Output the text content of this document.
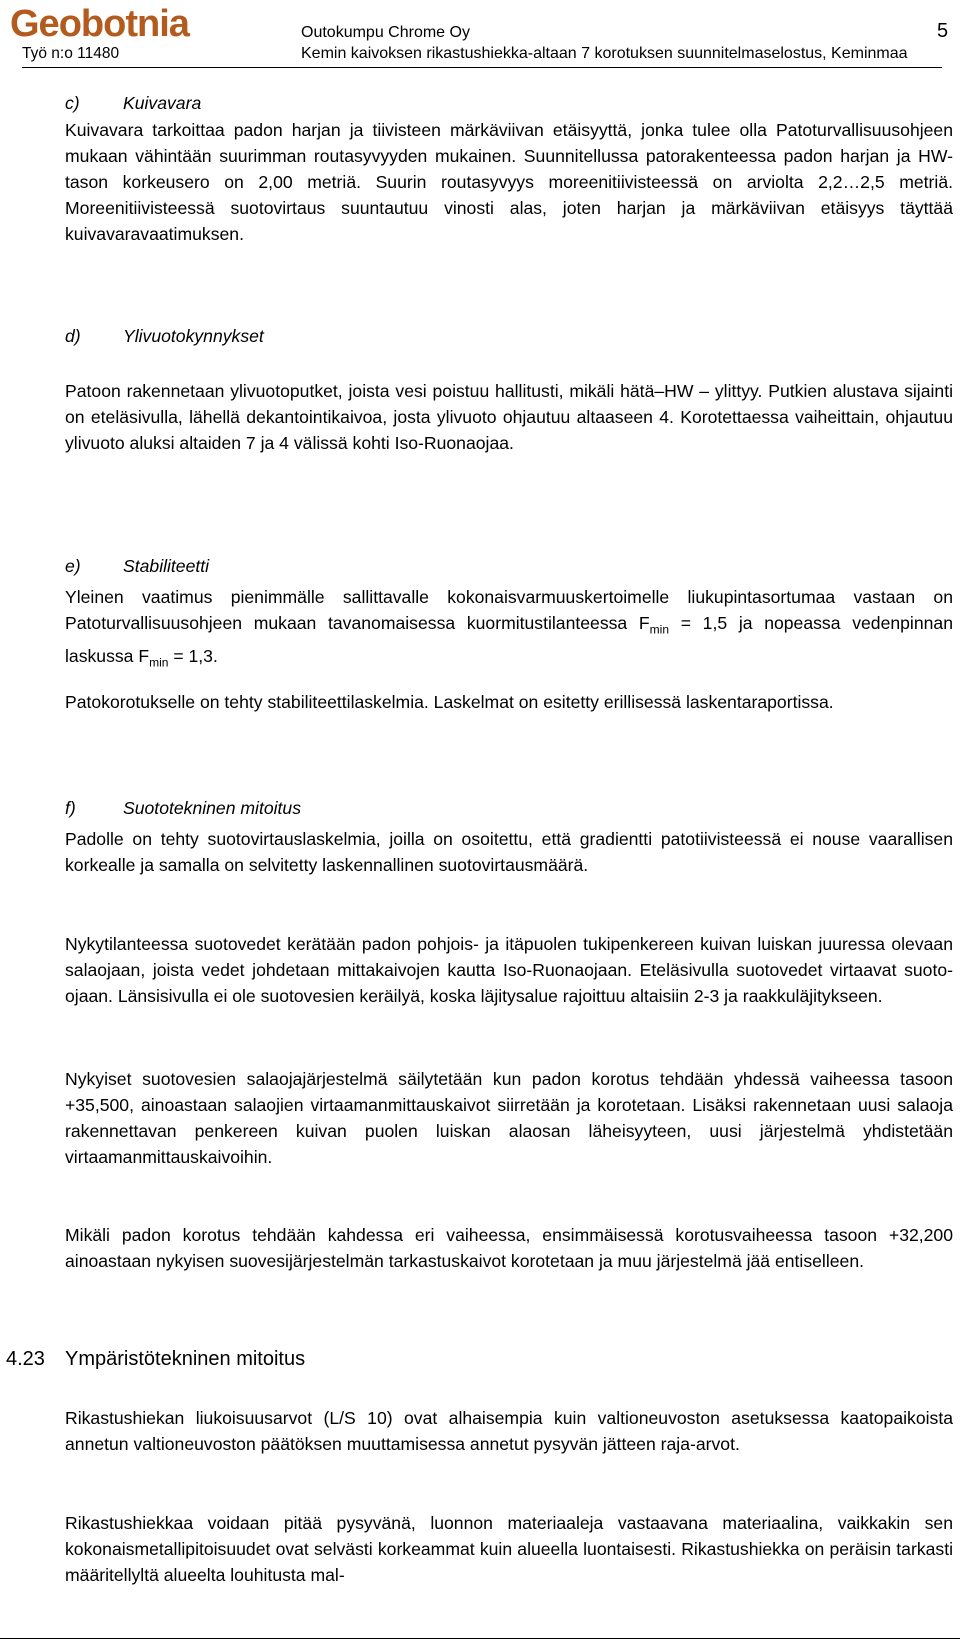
Geobotnia
Työ n:o 11480
Outokumpu Chrome Oy
Kemin kaivoksen rikastushiekka-altaan 7 korotuksen suunnitelmaselostus, Keminmaa
5
c)	Kuivavara

Kuivavara tarkoittaa padon harjan ja tiivisteen märkäviivan etäisyyttä, jonka tulee olla Patoturvallisuusohjeen mukaan vähintään suurimman routasyvyyden mukainen. Suunnitellussa patorakenteessa padon harjan ja HW-tason korkeusero on 2,00 metriä. Suurin routasyvyys moreenitiivisteessä on arviolta 2,2…2,5 metriä. Moreenitiivisteessä suotovirtaus suuntautuu vinosti alas, joten harjan ja märkäviivan etäisyys täyttää kuivavaravaatimuksen.

d)	Ylivuotokynnykset

Patoon rakennetaan ylivuotoputket, joista vesi poistuu hallitusti, mikäli hätä–HW – ylittyy. Putkien alustava sijainti on eteläsivulla, lähellä dekantointikaivoa, josta ylivuoto ohjautuu altaaseen 4. Korotettaessa vaiheittain, ohjautuu ylivuoto aluksi altaiden 7 ja 4 välissä kohti Iso-Ruonaojaa.

e)	Stabiliteetti

Yleinen vaatimus pienimmälle sallittavalle kokonaisvarmuuskertoimelle liukupintasortumaa vastaan on Patoturvallisuusohjeen mukaan tavanomaisessa kuormitustilanteessa $F_{min} = 1,5$ ja nopeassa vedenpinnan laskussa $F_{min} = 1,3$.

Patokorotukselle on tehty stabiliteettilaskelmia. Laskelmat on esitetty erillisessä laskentaraportissa.

f)	Suototekninen mitoitus

Padolle on tehty suotovirtauslaskelmia, joilla on osoitettu, että gradientti patotiivisteessä ei nouse vaarallisen korkealle ja samalla on selvitetty laskennallinen suotovirtausmäärä.

Nykytilanteessa suotovedet kerätään padon pohjois- ja itäpuolen tukipenkereen kuivan luiskan juuressa olevaan salaojaan, joista vedet johdetaan mittakaivojen kautta Iso-Ruonaojaan. Eteläsivulla suotovedet virtaavat suoto-ojaan. Länsisivulla ei ole suotovesien keräilyä, koska läjitysalue rajoittuu altaisiin 2-3 ja raakkuläjitykseen.

Nykyiset suotovesien salaojajärjestelmä säilytetään kun padon korotus tehdään yhdessä vaiheessa tasoon +35,500, ainoastaan salaojien virtaamanmittauskaivot siirretään ja korotetaan. Lisäksi rakennetaan uusi salaoja rakennettavan penkereen kuivan puolen luiskan alaosan läheisyyteen, uusi järjestelmä yhdistetään virtaamanmittauskaivoihin.

Mikäli padon korotus tehdään kahdessa eri vaiheessa, ensimmäisessä korotusvaiheessa tasoon +32,200 ainoastaan nykyisen suovesijärjestelmän tarkastuskaivot korotetaan ja muu järjestelmä jää entiselleen.

4.23	Ympäristötekninen mitoitus

Rikastushiekan liukoisuusarvot (L/S 10) ovat alhaisempia kuin valtioneuvoston asetuksessa kaatopaikoista annetun valtioneuvoston päätöksen muuttamisessa annetut pysyvän jätteen raja-arvot.

Rikastushiekkaa voidaan pitää pysyvänä, luonnon materiaaleja vastaavana materiaalina, vaikkakin sen kokonaismetallipitoisuudet ovat selvästi korkeammat kuin alueella luontaisesti. Rikastushiekka on peräisin tarkasti määritellyltä alueelta louhitusta mal-
